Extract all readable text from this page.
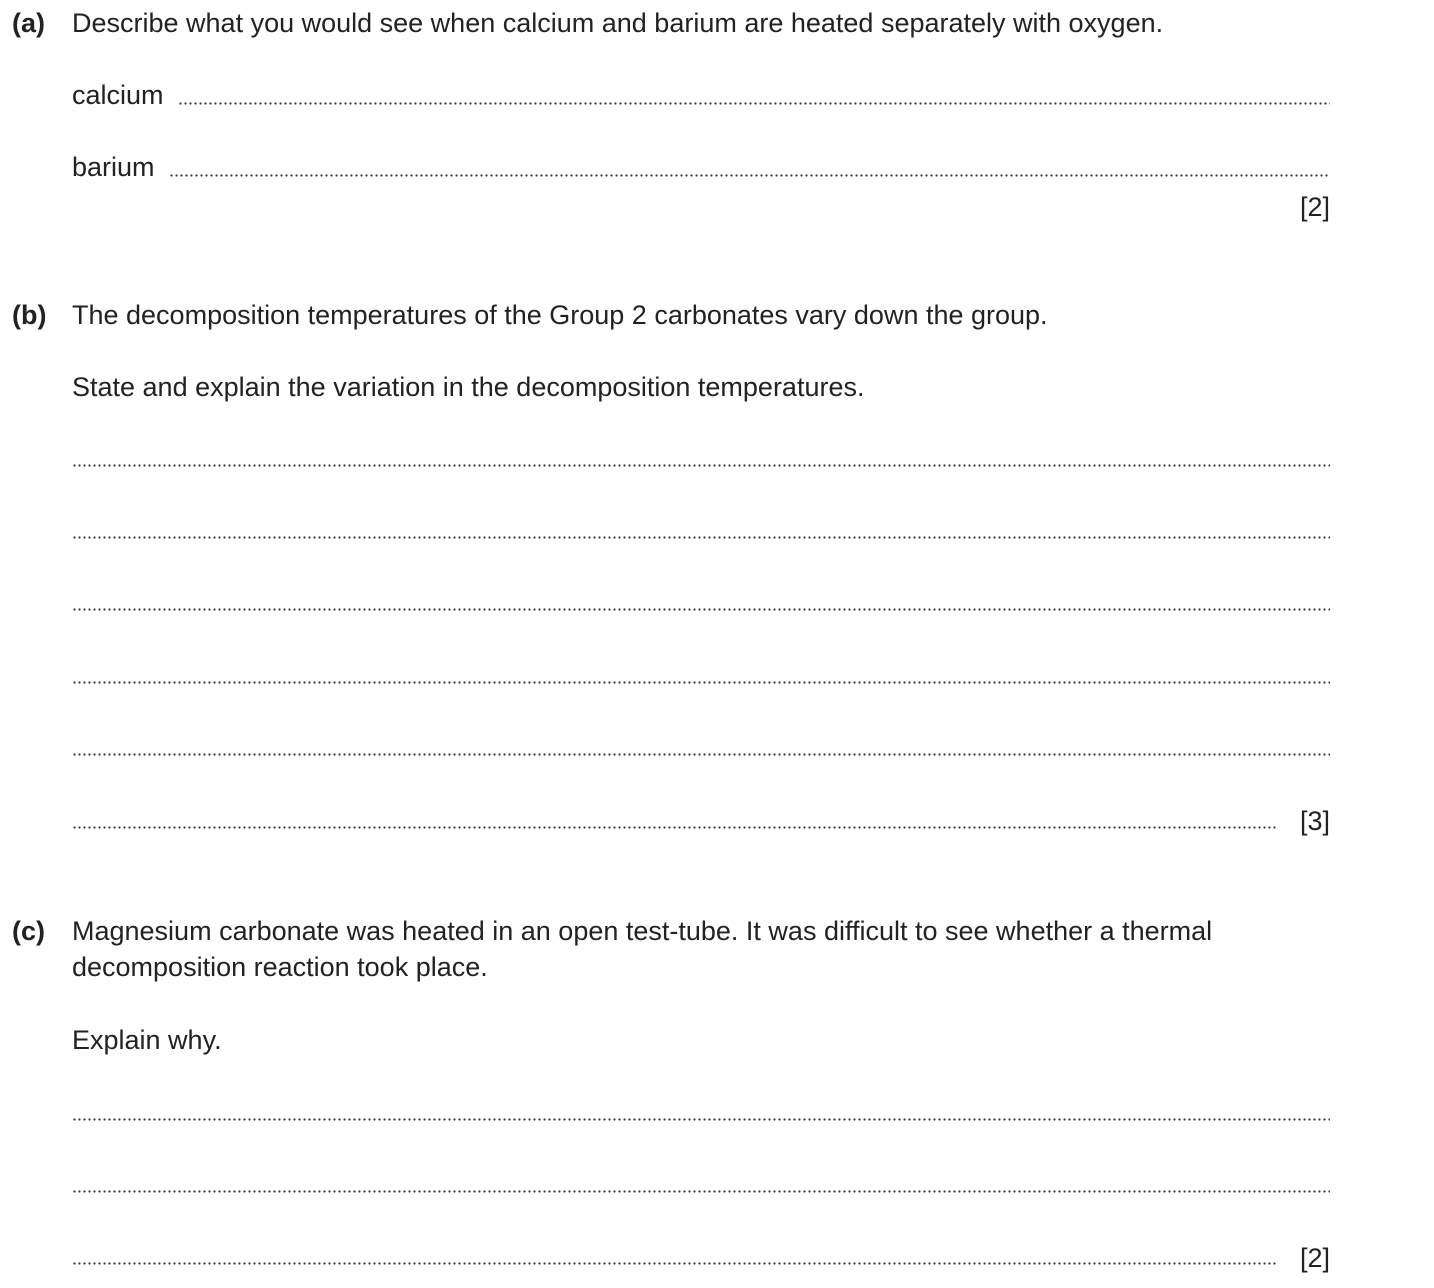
(a) Describe what you would see when calcium and barium are heated separately with oxygen.
calcium
barium
[2]
(b) The decomposition temperatures of the Group 2 carbonates vary down the group.
State and explain the variation in the decomposition temperatures.
[3]
(c) Magnesium carbonate was heated in an open test-tube. It was difficult to see whether a thermal decomposition reaction took place.
Explain why.
[2]
